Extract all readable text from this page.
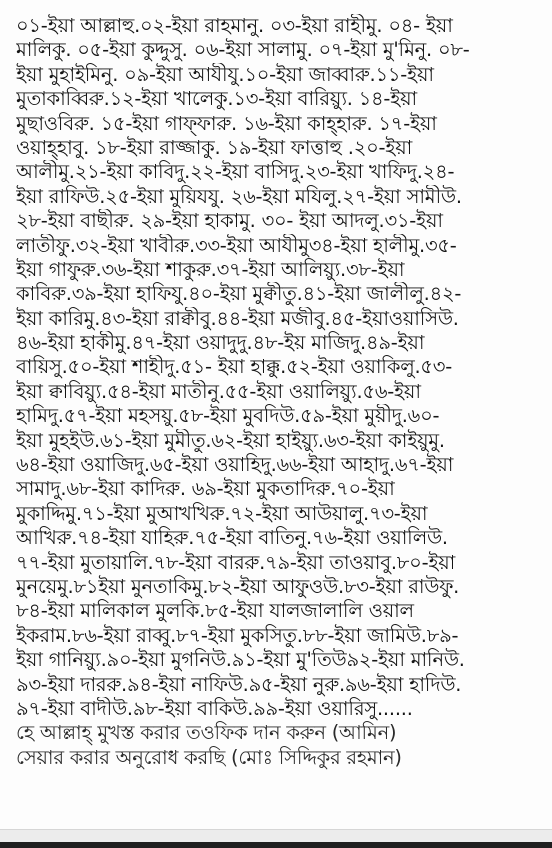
০১-ইয়া আল্লাহু.০২-ইয়া রাহমানু. ০৩-ইয়া রাহীমু. ০৪- ইয়া
মালিকু. ০৫-ইয়া কুদ্দুসু. ০৬-ইয়া সালামু. ০৭-ইয়া মু'মিনু. ০৮-
ইয়া মুহাইমিনু. ০৯-ইয়া আযীযু.১০-ইয়া জাব্বারু.১১-ইয়া
মুতাকাব্বিরু.১২-ইয়া খালেকু.১৩-ইয়া বারিয়্যু. ১৪-ইয়া
মুছাওবিরু. ১৫-ইয়া গাফ্‌ফারু. ১৬-ইয়া কাহ্‌হারু. ১৭-ইয়া
ওয়াহ্হাবু. ১৮-ইয়া রাজ্জাকু. ১৯-ইয়া ফাত্তাহু .২০-ইয়া
আলীমু.২১-ইয়া কাবিদু.২২-ইয়া বাসিদু.২৩-ইয়া খাফিদু.২৪-
ইয়া রাফিউ.২৫-ইয়া মুয়িযযু. ২৬-ইয়া মযিলু.২৭-ইয়া সামীউ.
২৮-ইয়া বাছীরু. ২৯-ইয়া হাকামু. ৩০- ইয়া আদলু.৩১-ইয়া
লাতীফু.৩২-ইয়া খাবীরু.৩৩-ইয়া আযীমু৩৪-ইয়া হালীমু.৩৫-
ইয়া গাফুরু.৩৬-ইয়া শাকুরু.৩৭-ইয়া আলিয়্যু.৩৮-ইয়া
কাবিরু.৩৯-ইয়া হাফিযু.৪০-ইয়া মুক্বীতু.৪১-ইয়া জালীলু.৪২-
ইয়া কারিমু.৪৩-ইয়া রাক্বীবু.৪৪-ইয়া মজীবু.৪৫-ইয়াওয়াসিউ.
৪৬-ইয়া হাকীমু.৪৭-ইয়া ওয়াদুদু.৪৮-ইয় মাজিদু.৪৯-ইয়া
বায়িসু.৫০-ইয়া শাহীদু.৫১- ইয়া হাক্কু.৫২-ইয়া ওয়াকিলু.৫৩-
ইয়া ক্বাবিয়্যু.৫৪-ইয়া মাতীনু.৫৫-ইয়া ওয়ালিয়্যু.৫৬-ইয়া
হামিদু.৫৭-ইয়া মহসয়ু.৫৮-ইয়া মুবদিউ.৫৯-ইয়া মুয়ীদু.৬০-
ইয়া মুহইউ.৬১-ইয়া মুমীতু.৬২-ইয়া হাইয়্যু.৬৩-ইয়া কাইয়ুমু.
৬৪-ইয়া ওয়াজিদু.৬৫-ইয়া ওয়াহিদু.৬৬-ইয়া আহাদু.৬৭-ইয়া
সামাদু.৬৮-ইয়া কাদিরু. ৬৯-ইয়া মুকতাদিরু.৭০-ইয়া
মুকাদ্দিমু.৭১-ইয়া মুআখখিরু.৭২-ইয়া আউয়ালু.৭৩-ইয়া
আখিরু.৭৪-ইয়া যাহিরু.৭৫-ইয়া বাতিনু.৭৬-ইয়া ওয়ালিউ.
৭৭-ইয়া মুতায়ালি.৭৮-ইয়া বাররু.৭৯-ইয়া তাওয়াবু.৮০-ইয়া
মুনয়েমু.৮১ইয়া মুনতাকিমু.৮২-ইয়া আফুওউ.৮৩-ইয়া রাউফু.
৮৪-ইয়া মালিকাল মুলকি.৮৫-ইয়া যালজালালি ওয়াল
ইকরাম.৮৬-ইয়া রাব্বু.৮৭-ইয়া মুকসিতু.৮৮-ইয়া জামিউ.৮৯-
ইয়া গানিয়্যু.৯০-ইয়া মুগনিউ.৯১-ইয়া মু'তিউ৯২-ইয়া মানিউ.
৯৩-ইয়া দাররু.৯৪-ইয়া নাফিউ.৯৫-ইয়া নুরু.৯৬-ইয়া হাদিউ.
৯৭-ইয়া বাদীউ.৯৮-ইয়া বাকিউ.৯৯-ইয়া ওয়ারিসু......
হে আল্লাহ্ মুখস্ত করার তওফিক দান করুন (আমিন)
সেয়ার করার অনুরোধ করছি (মোঃ সিদ্দিকুর রহমান)
